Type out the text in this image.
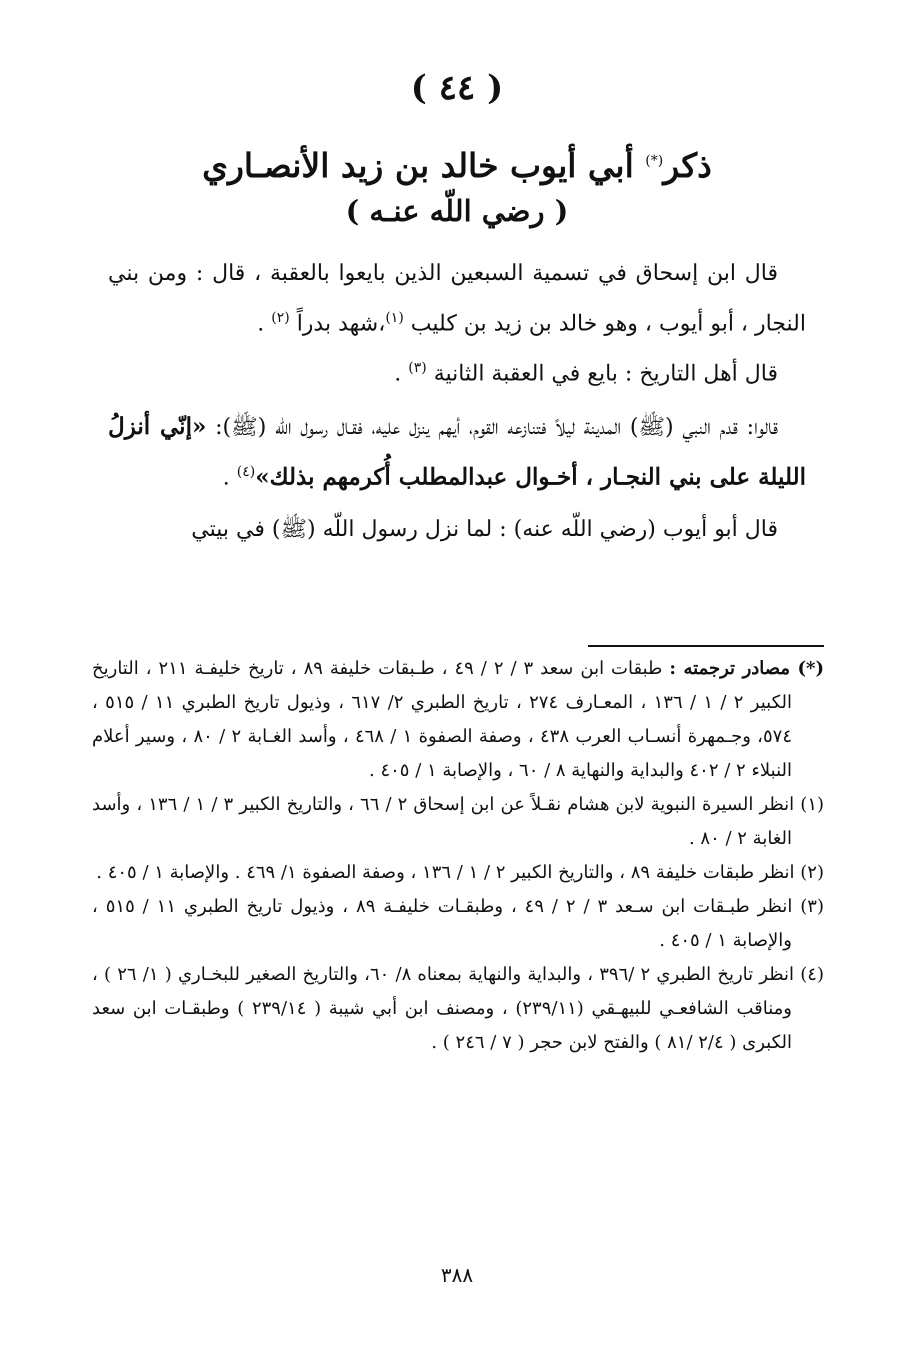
( ٤٤ )
ذكر(*) أبي أيوب خالد بن زيد الأنصـاري
( رضي اللّه عنـه )

قال ابن إسحاق في تسمية السبعين الذين بايعوا بالعقبة ، قال : ومن بني النجار ، أبو أيوب ، وهو خالد بن زيد بن كليب $^{(١)}$،شهد بدراً $^{(٢)}$ .

قال أهل التاريخ : بايع في العقبة الثانية $^{(٣)}$ .

قالوا: قدم النبي (ﷺ) المدينة ليلاً فتنازعه القوم، أيهم ينزل عليه، فقـال رسول الله (ﷺ): «إنّي أنزلُ الليلة على بني النجـار ، أخـوال عبدالمطلب أُكرمهم بذلك»$^{(٤)}$ .

قال أبو أيوب (رضي اللّه عنه) : لما نزل رسول اللّه (ﷺ) في بيتي

(*) مصادر ترجمته : طبقات ابن سعد ٣ / ٢ / ٤٩ ، طـبقات خليفة ٨٩ ، تاريخ خليفـة ٢١١ ، التاريخ الكبير ٢ / ١ / ١٣٦ ، المعـارف ٢٧٤ ، تاريخ الطبري ٢/ ٦١٧ ، وذيول تاريخ الطبري ١١ / ٥١٥ ، ٥٧٤، وجـمهرة أنسـاب العرب ٤٣٨ ، وصفة الصفوة ١ / ٤٦٨ ، وأسد الغـابة ٢ / ٨٠ ، وسير أعلام النبلاء ٢ / ٤٠٢ والبداية والنهاية ٨ / ٦٠ ، والإصابة ١ / ٤٠٥ .

(١) انظر السيرة النبوية لابن هشام نقـلاً عن ابن إسحاق ٢ / ٦٦ ، والتاريخ الكبير ٣ / ١ / ١٣٦ ، وأسد الغابة ٢ / ٨٠ .

(٢) انظر طبقات خليفة ٨٩ ، والتاريخ الكبير ٢ / ١ / ١٣٦ ، وصفة الصفوة ١/ ٤٦٩ . والإصابة ١ / ٤٠٥ .

(٣) انظر طبـقات ابن سـعد ٣ / ٢ / ٤٩ ، وطبقـات خليفـة ٨٩ ، وذيول تاريخ الطبري ١١ / ٥١٥ ، والإصابة ١ / ٤٠٥ .

(٤) انظر تاريخ الطبري ٢ /٣٩٦ ، والبداية والنهاية بمعناه ٨/ ٦٠، والتاريخ الصغير للبخـاري ( ١/ ٢٦ ) ، ومناقب الشافعـي للبيهـقي (٢٣٩/١١) ، ومصنف ابن أبي شيبة ( ٢٣٩/١٤ ) وطبقـات ابن سعد الكبرى ( ٢/٤ /٨١ ) والفتح لابن حجر ( ٧ / ٢٤٦ ) .

٣٨٨
